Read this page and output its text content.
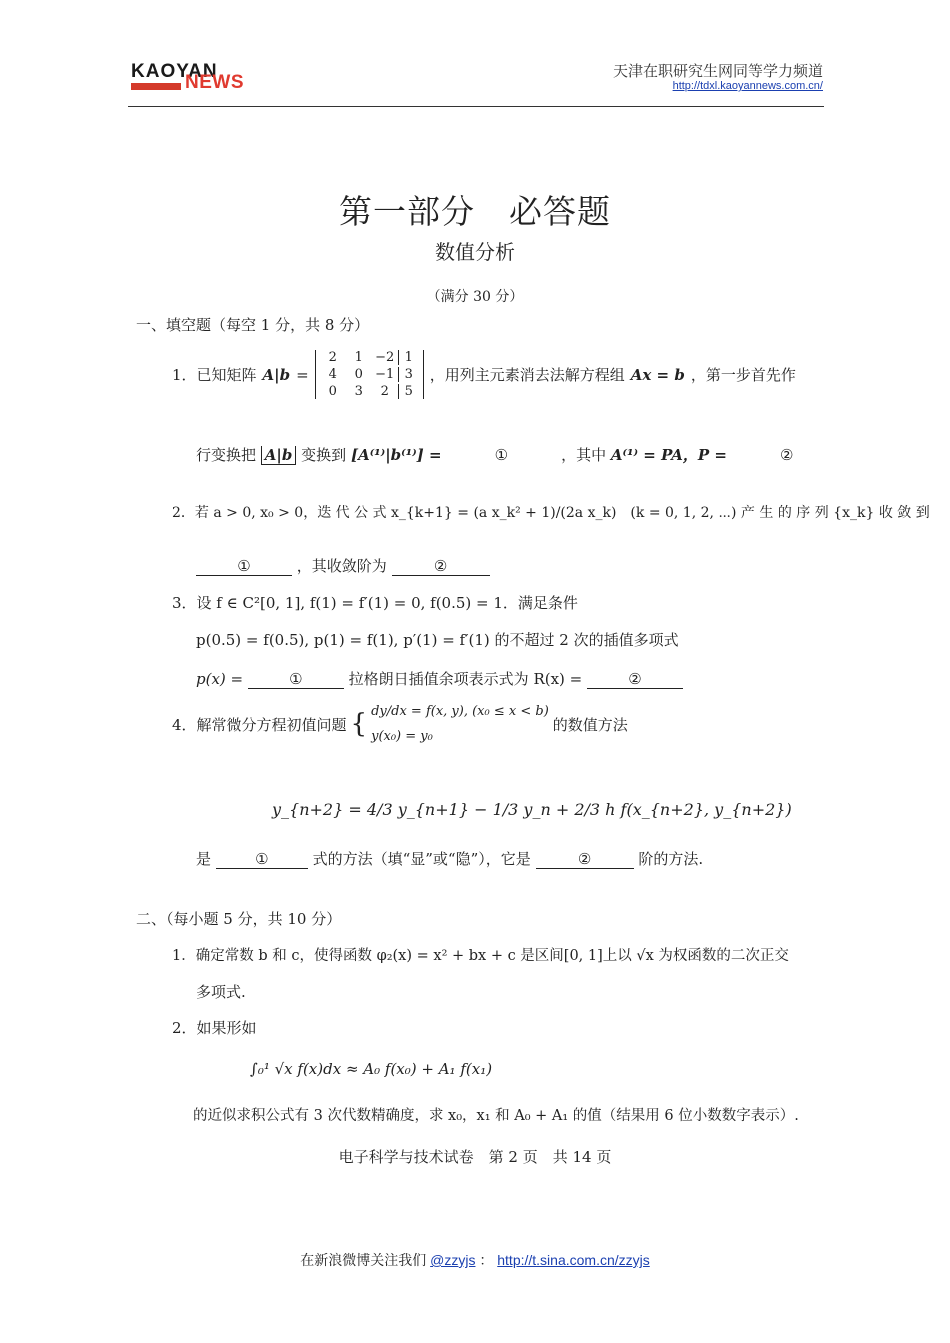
KAOYAN
NEWS
天津在职研究生网同等学力频道
http://tdxl.kaoyannews.com.cn/
第一部分　必答题
数值分析
（满分 30 分）
一、填空题（每空 1 分，共 8 分）
1．已知矩阵 A|b =
2	1 −2 1
4	0 −1 3
0	3	2	5
，用列主元素消去法解方程组 Ax = b ，第一步首先作
行变换把 A|b 变换到 [A⁽¹⁾|b⁽¹⁾] =	①	，其中 A⁽¹⁾ = PA，P =	②
2．若 a > 0, x₀ > 0，迭 代 公 式 x_{k+1} = (a x_k² + 1)/(2a x_k)　(k = 0, 1, 2, ⋯) 产 生 的 序 列 {x_k} 收 敛 到
①	，其收敛阶为	②
3．设 f ∈ C²[0, 1], f(1) = f′(1) = 0, f(0.5) = 1．满足条件
p(0.5) = f(0.5), p(1) = f(1), p′(1) = f′(1) 的不超过 2 次的插值多项式
p(x) =	①	拉格朗日插值余项表示式为 R(x) =	②
4．解常微分方程初值问题 { dy/dx = f(x, y), (x₀ ≤ x < b)
y(x₀) = y₀
的数值方法
y_{n+2} = 4/3 y_{n+1} − 1/3 y_n + 2/3 h f(x_{n+2}, y_{n+2})
是	①	式的方法（填“显”或“隐”），它是	②	阶的方法.
二、（每小题 5 分，共 10 分）
1．确定常数 b 和 c，使得函数 φ₂(x) = x² + bx + c 是区间[0, 1]上以 √x 为权函数的二次正交
多项式.
2．如果形如
∫₀¹ √x f(x)dx ≈ A₀ f(x₀) + A₁ f(x₁)
的近似求积公式有 3 次代数精确度，求 x₀，x₁ 和 A₀ + A₁ 的值（结果用 6 位小数数字表示）.
电子科学与技术试卷　第 2 页　共 14 页
在新浪微博关注我们 @zzyjs ： http://t.sina.com.cn/zzyjs
